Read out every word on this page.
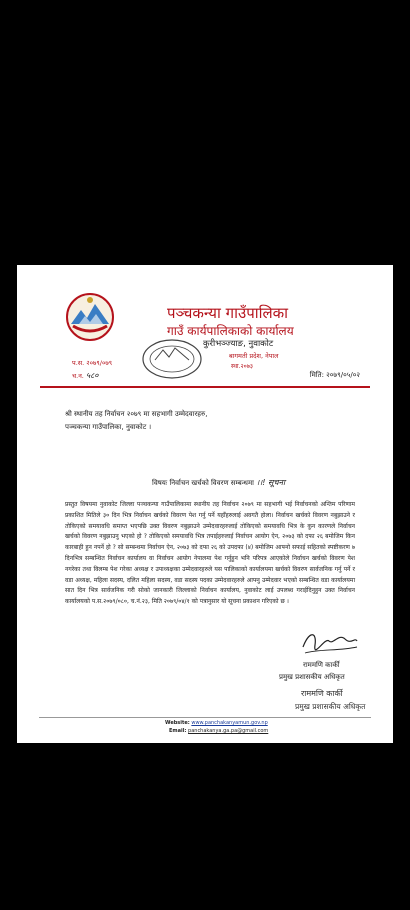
पञ्चकन्या गाउँपालिका
गाउँ कार्यपालिकाको कार्यालय
कुरीभञ्ज्याङ, नुवाकोट
बागमती प्रदेश, नेपाल
स्था.२०७३
प.स. २०७९/०७९
च.न. ५८०	मिति: २०७९/०५/०२
श्री स्थानीय तह निर्वाचन २०७९ मा सहभागी उम्मेदवारहरु,
पञ्चकन्या गाउँपालिका, नुवाकोट ।
विषयः निर्वाचन खर्चको विवरण सम्बन्धमा ।।! सूचना

प्रस्तुत विषयमा नुवाकोट जिल्ला पञ्चकन्या गाउँपालिकामा स्थानीय तह निर्वाचन २०७९ मा सहभागी भई निर्वाचनको अन्तिम परिणाम प्रकाशित मितिले ३० दिन भित्र निर्वाचन खर्चको विवरण पेश गर्नु पर्ने यहाँहरुलाई अवगतै होला। निर्वाचन खर्चको विवरण नबुझाउने र तोकिएको समयावधि समाप्त भएपछि उक्त विवरण नबुझाउने उम्मेदवारहरुलाई तोकिएको समयावधि भित्र के कुन कारणले निर्वाचन खर्चको विवरण नबुझाउनु भएको हो ? तोकिएको समयावधि भित्र तपाईहरुलाई निर्वाचन आयोग ऐन, २०७३ को दफा २६ बमोजिम किन कारबाही हुन नपर्ने हो ? सो सम्बन्धमा निर्वाचन ऐन, २०७३ को दफा २६ को उपदफा (४) बमोजिम आफ्नो सफाई सहितको स्पष्टीकरण ७ दिनभित्र सम्बन्धित निर्वाचन कार्यालय वा निर्वाचन आयोग नेपालमा पेश गर्नुहुन भनि परिपत्र आएकोले निर्वाचन खर्चको विवरण पेश नगरेका तथा विलम्ब पेश गरेका अध्यक्ष र उपाध्यक्षका उम्मेदवारहरुले यस पालिकाको कार्यालयमा खर्चको विवरण सार्वजनिक गर्नु पर्ने र वडा अध्यक्ष, महिला सदस्य, दलित महिला सदस्य, वडा सदस्य पदका उम्मेदवारहरुले आफ्नु उम्मेदवार भएको सम्बन्धित वडा कार्यालयमा सात दिन भित्र सार्वजनिक गरी सोको जानकारी जिल्लाको निर्वाचन कार्यालय, नुवाकोट लाई उपलब्ध गराईदिनुहुन उक्त निर्वाचन कार्यालयको प.स.२०७९/०८०, च.नं.२३, मिति २०७९/०४/१ को पत्रानुसार यो सूचना प्रकाशन गरिएको छ ।

राममणि कार्की
प्रमुख प्रशासकीय अधिकृत
राममणि कार्की
प्रमुख प्रशासकीय अधिकृत
Website: www.panchakanyamun.gov.np
Email: panchakanya.ga.pa@gmail.com
